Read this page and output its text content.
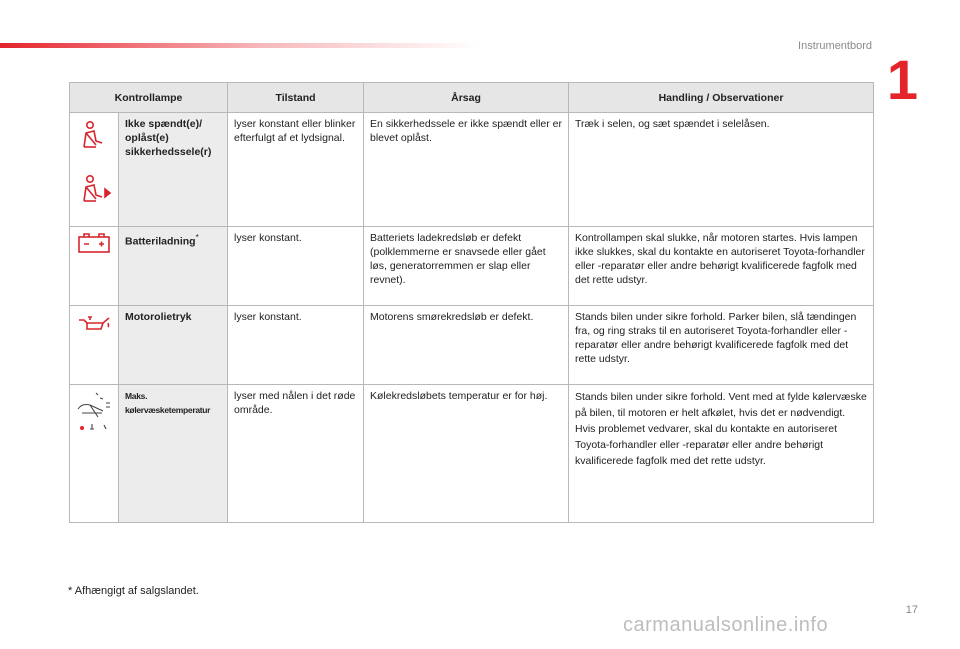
Instrumentbord
1
Kontrollampe		Tilstand	Årsag	Handling / Observationer

	Ikke spændt(e)/ oplåst(e) sikkerhedssele(r)	lyser konstant eller blinker efterfulgt af et lydsignal.	En sikkerhedssele er ikke spændt eller er blevet oplåst.	Træk i selen, og sæt spændet i selelåsen.

	Batteriladning*	lyser konstant.	Batteriets ladekredsløb er defekt (polklemmerne er snavsede eller gået løs, generatorremmen er slap eller revnet).	Kontrollampen skal slukke, når motoren startes. Hvis lampen ikke slukkes, skal du kontakte en autoriseret Toyota-forhandler eller -reparatør eller andre behørigt kvalificerede fagfolk med det rette udstyr.

	Motorolietryk	lyser konstant.	Motorens smørekredsløb er defekt.	Stands bilen under sikre forhold. Parker bilen, slå tændingen fra, og ring straks til en autoriseret Toyota-forhandler eller -reparatør eller andre behørigt kvalificerede fagfolk med det rette udstyr.

	Maks. kølervæsketemperatur	lyser med nålen i det røde område.	Kølekredsløbets temperatur er for høj.	Stands bilen under sikre forhold. Vent med at fylde kølervæske på bilen, til motoren er helt afkølet, hvis det er nødvendigt. Hvis problemet vedvarer, skal du kontakte en autoriseret Toyota-forhandler eller -reparatør eller andre behørigt kvalificerede fagfolk med det rette udstyr.
* Afhængigt af salgslandet.
17
carmanualsonline.info
